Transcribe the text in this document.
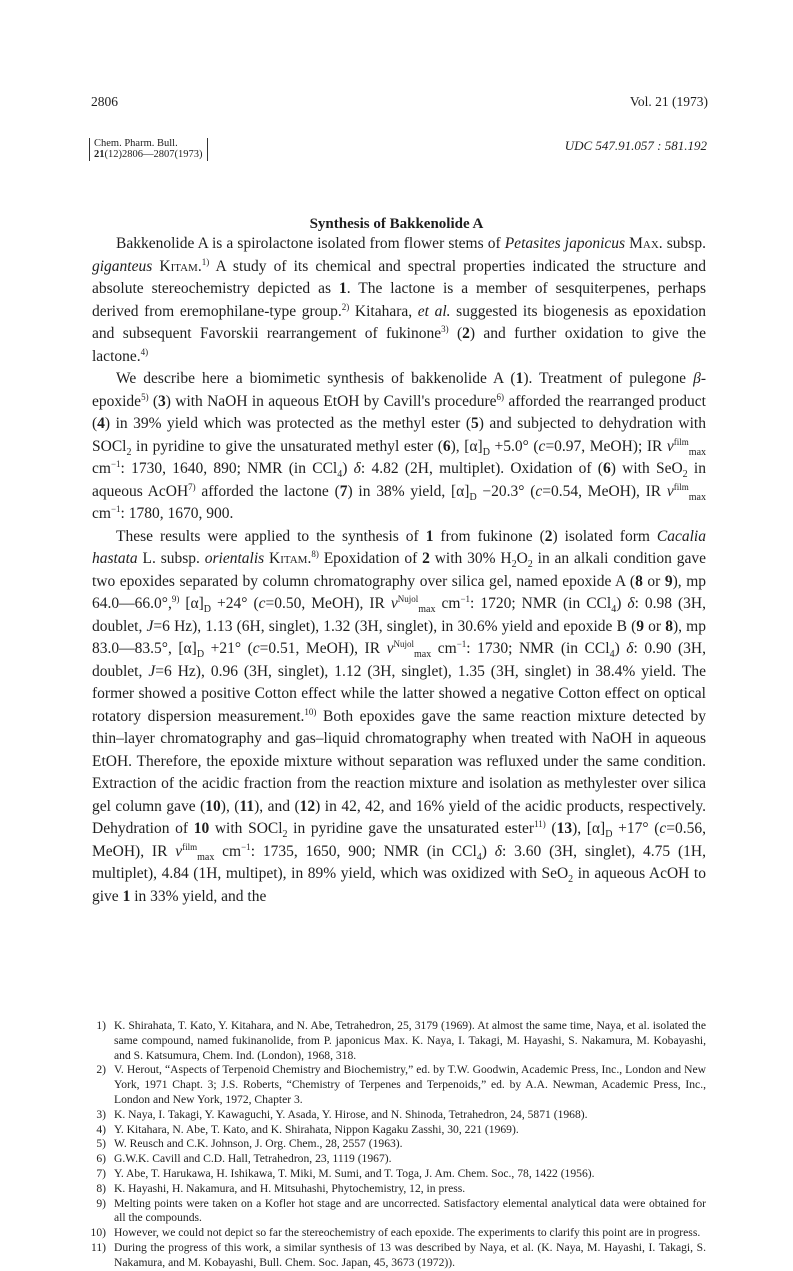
2806	Vol. 21 (1973)
Chem. Pharm. Bull.
21(12)2806—2807(1973)
UDC 547.91.057 : 581.192
Synthesis of Bakkenolide A

Bakkenolide A is a spirolactone isolated from flower stems of Petasites japonicus Max. subsp. giganteus Kitam.$^{1)}$ A study of its chemical and spectral properties indicated the structure and absolute stereochemistry depicted as 1. The lactone is a member of sesquiterpenes, perhaps derived from eremophilane-type group.$^{2)}$ Kitahara, et al. suggested its biogenesis as epoxidation and subsequent Favorskii rearrangement of fukinone$^{3)}$ (2) and further oxidation to give the lactone.$^{4)}$

We describe here a biomimetic synthesis of bakkenolide A (1). Treatment of pulegone β-epoxide$^{5)}$ (3) with NaOH in aqueous EtOH by Cavill's procedure$^{6)}$ afforded the rearranged product (4) in 39% yield which was protected as the methyl ester (5) and subjected to dehydration with SOCl$_2$ in pyridine to give the unsaturated methyl ester (6), $[\alpha]_D +5.0^\circ$ (c=0.97, MeOH); IR $\nu^{film}_{max}$ $cm^{-1}$: 1730, 1640, 890; NMR (in CCl$_4$) δ: 4.82 (2H, multiplet). Oxidation of (6) with SeO$_2$ in aqueous AcOH$^{7)}$ afforded the lactone (7) in 38% yield, $[\alpha]_D -20.3^\circ$ (c=0.54, MeOH), IR $\nu^{film}_{max}$ $cm^{-1}$: 1780, 1670, 900.

These results were applied to the synthesis of 1 from fukinone (2) isolated form Cacalia hastata L. subsp. orientalis Kitam.$^{8)}$ Epoxidation of 2 with 30% $H_2O_2$ in an alkali condition gave two epoxides separated by column chromatography over silica gel, named epoxide A (8 or 9), mp 64.0—66.0°,$^{9)}$ $[\alpha]_D +24^\circ$ (c=0.50, MeOH), IR $\nu^{Nujol}_{max}$ $cm^{-1}$: 1720; NMR (in CCl$_4$) δ: 0.98 (3H, doublet, J=6 Hz), 1.13 (6H, singlet), 1.32 (3H, singlet), in 30.6% yield and epoxide B (9 or 8), mp 83.0—83.5°, $[\alpha]_D +21^\circ$ (c=0.51, MeOH), IR $\nu^{Nujol}_{max}$ $cm^{-1}$: 1730; NMR (in CCl$_4$) δ: 0.90 (3H, doublet, J=6 Hz), 0.96 (3H, singlet), 1.12 (3H, singlet), 1.35 (3H, singlet) in 38.4% yield. The former showed a positive Cotton effect while the latter showed a negative Cotton effect on optical rotatory dispersion measurement.$^{10)}$ Both epoxides gave the same reaction mixture detected by thin–layer chromatography and gas–liquid chromatography when treated with NaOH in aqueous EtOH. Therefore, the epoxide mixture without separation was refluxed under the same condition. Extraction of the acidic fraction from the reaction mixture and isolation as methylester over silica gel column gave (10), (11), and (12) in 42, 42, and 16% yield of the acidic products, respectively. Dehydration of 10 with SOCl$_2$ in pyridine gave the unsaturated ester$^{11)}$ (13), $[\alpha]_D +17^\circ$ (c=0.56, MeOH), IR $\nu^{film}_{max}$ $cm^{-1}$: 1735, 1650, 900; NMR (in CCl$_4$) δ: 3.60 (3H, singlet), 4.75 (1H, multiplet), 4.84 (1H, multipet), in 89% yield, which was oxidized with SeO$_2$ in aqueous AcOH to give 1 in 33% yield, and the

1) K. Shirahata, T. Kato, Y. Kitahara, and N. Abe, Tetrahedron, 25, 3179 (1969). At almost the same time, Naya, et al. isolated the same compound, named fukinanolide, from P. japonicus Max. K. Naya, I. Takagi, M. Hayashi, S. Nakamura, M. Kobayashi, and S. Katsumura, Chem. Ind. (London), 1968, 318.
2) V. Herout, “Aspects of Terpenoid Chemistry and Biochemistry,” ed. by T.W. Goodwin, Academic Press, Inc., London and New York, 1971 Chapt. 3; J.S. Roberts, “Chemistry of Terpenes and Terpenoids,” ed. by A.A. Newman, Academic Press, Inc., London and New York, 1972, Chapter 3.
3) K. Naya, I. Takagi, Y. Kawaguchi, Y. Asada, Y. Hirose, and N. Shinoda, Tetrahedron, 24, 5871 (1968).
4) Y. Kitahara, N. Abe, T. Kato, and K. Shirahata, Nippon Kagaku Zasshi, 30, 221 (1969).
5) W. Reusch and C.K. Johnson, J. Org. Chem., 28, 2557 (1963).
6) G.W.K. Cavill and C.D. Hall, Tetrahedron, 23, 1119 (1967).
7) Y. Abe, T. Harukawa, H. Ishikawa, T. Miki, M. Sumi, and T. Toga, J. Am. Chem. Soc., 78, 1422 (1956).
8) K. Hayashi, H. Nakamura, and H. Mitsuhashi, Phytochemistry, 12, in press.
9) Melting points were taken on a Kofler hot stage and are uncorrected. Satisfactory elemental analytical data were obtained for all the compounds.
10) However, we could not depict so far the stereochemistry of each epoxide. The experiments to clarify this point are in progress.
11) During the progress of this work, a similar synthesis of 13 was described by Naya, et al. (K. Naya, M. Hayashi, I. Takagi, S. Nakamura, and M. Kobayashi, Bull. Chem. Soc. Japan, 45, 3673 (1972)).
